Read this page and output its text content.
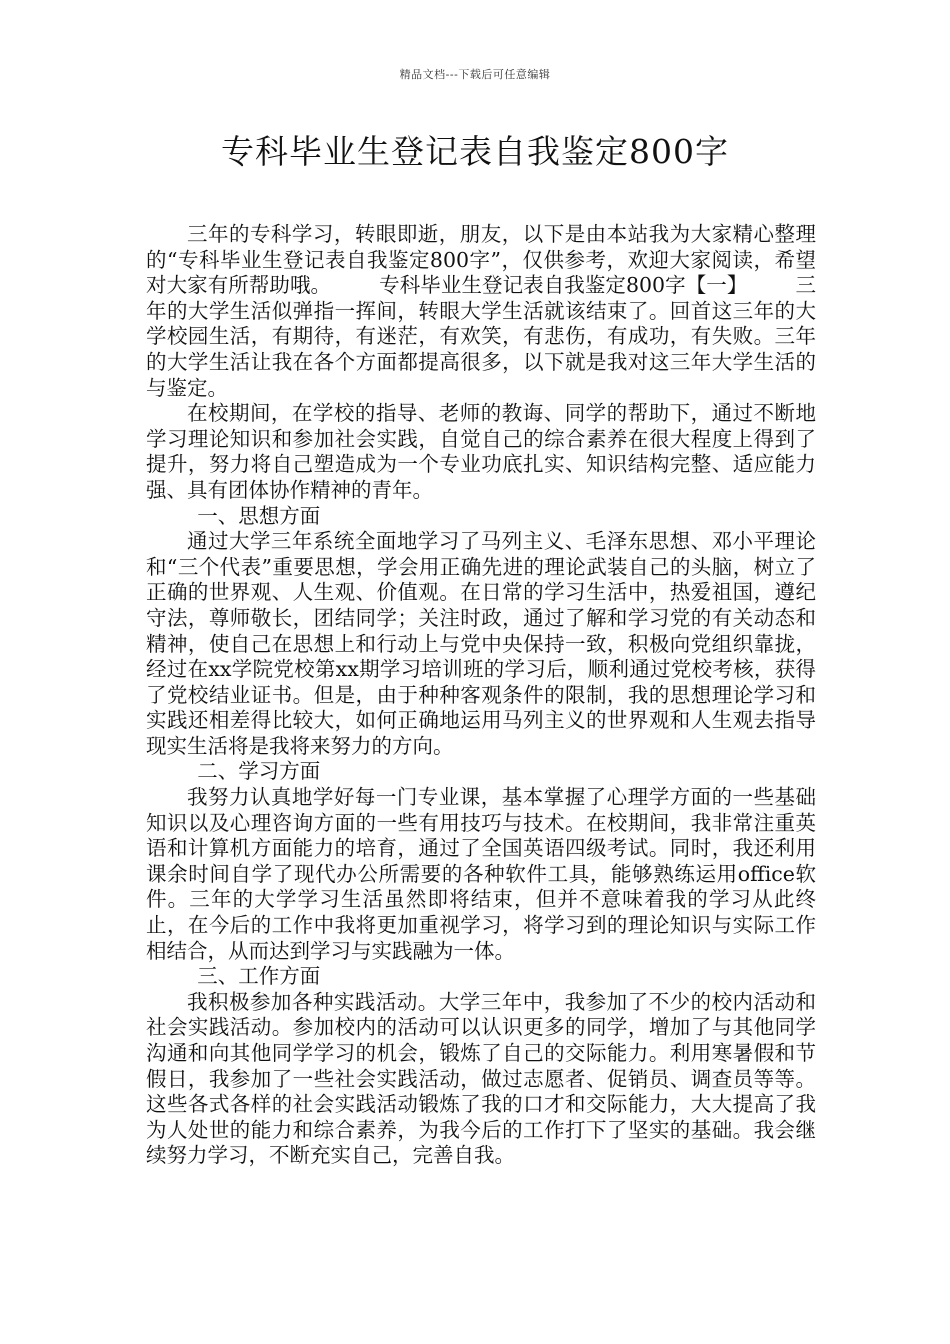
精品文档---下载后可任意编辑
专科毕业生登记表自我鉴定800字

三年的专科学习，转眼即逝，朋友，以下是由本站我为大家精心整理的“专科毕业生登记表自我鉴定800字”，仅供参考，欢迎大家阅读，希望对大家有所帮助哦。 专科毕业生登记表自我鉴定800字【一】 三年的大学生活似弹指一挥间，转眼大学生活就该结束了。回首这三年的大学校园生活，有期待，有迷茫，有欢笑，有悲伤，有成功，有失败。三年的大学生活让我在各个方面都提高很多，以下就是我对这三年大学生活的与鉴定。

在校期间，在学校的指导、老师的教诲、同学的帮助下，通过不断地学习理论知识和参加社会实践，自觉自己的综合素养在很大程度上得到了提升，努力将自己塑造成为一个专业功底扎实、知识结构完整、适应能力强、具有团体协作精神的青年。

一、思想方面

通过大学三年系统全面地学习了马列主义、毛泽东思想、邓小平理论和“三个代表”重要思想，学会用正确先进的理论武装自己的头脑，树立了正确的世界观、人生观、价值观。在日常的学习生活中，热爱祖国，遵纪守法，尊师敬长，团结同学；关注时政，通过了解和学习党的有关动态和精神，使自己在思想上和行动上与党中央保持一致，积极向党组织靠拢，经过在xx学院党校第xx期学习培训班的学习后，顺利通过党校考核，获得了党校结业证书。但是，由于种种客观条件的限制，我的思想理论学习和实践还相差得比较大，如何正确地运用马列主义的世界观和人生观去指导现实生活将是我将来努力的方向。

二、学习方面

我努力认真地学好每一门专业课，基本掌握了心理学方面的一些基础知识以及心理咨询方面的一些有用技巧与技术。在校期间，我非常注重英语和计算机方面能力的培育，通过了全国英语四级考试。同时，我还利用课余时间自学了现代办公所需要的各种软件工具，能够熟练运用office软件。三年的大学学习生活虽然即将结束，但并不意味着我的学习从此终止，在今后的工作中我将更加重视学习，将学习到的理论知识与实际工作相结合，从而达到学习与实践融为一体。

三、工作方面

我积极参加各种实践活动。大学三年中，我参加了不少的校内活动和社会实践活动。参加校内的活动可以认识更多的同学，增加了与其他同学沟通和向其他同学学习的机会，锻炼了自己的交际能力。利用寒暑假和节假日，我参加了一些社会实践活动，做过志愿者、促销员、调查员等等。这些各式各样的社会实践活动锻炼了我的口才和交际能力，大大提高了我为人处世的能力和综合素养，为我今后的工作打下了坚实的基础。我会继续努力学习，不断充实自己，完善自我。
